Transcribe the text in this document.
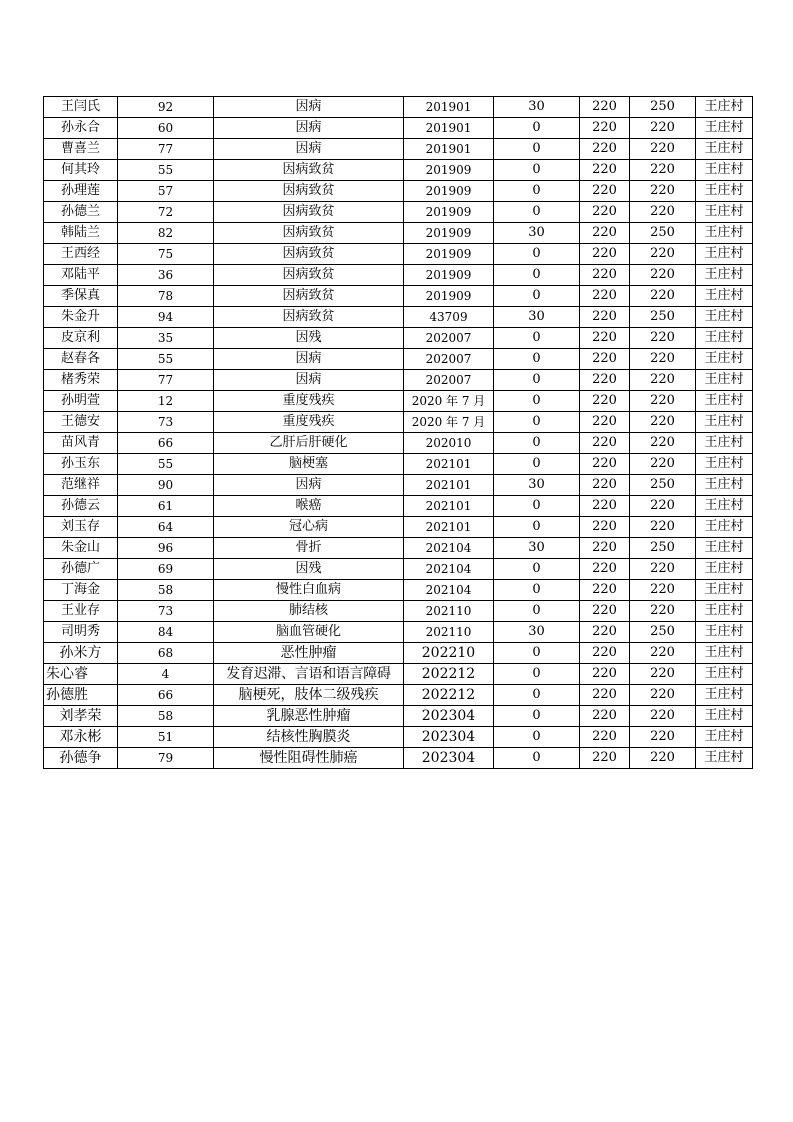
王闫氏	92	因病	201901	30	220	250	王庄村
孙永合	60	因病	201901	0	220	220	王庄村
曹喜兰	77	因病	201901	0	220	220	王庄村
何其玲	55	因病致贫	201909	0	220	220	王庄村
孙理莲	57	因病致贫	201909	0	220	220	王庄村
孙德兰	72	因病致贫	201909	0	220	220	王庄村
韩陆兰	82	因病致贫	201909	30	220	250	王庄村
王西经	75	因病致贫	201909	0	220	220	王庄村
邓陆平	36	因病致贫	201909	0	220	220	王庄村
季保真	78	因病致贫	201909	0	220	220	王庄村
朱金升	94	因病致贫	43709	30	220	250	王庄村
皮京利	35	因残	202007	0	220	220	王庄村
赵春各	55	因病	202007	0	220	220	王庄村
楮秀荣	77	因病	202007	0	220	220	王庄村
孙明萱	12	重度残疾	2020 年 7 月	0	220	220	王庄村
王德安	73	重度残疾	2020 年 7 月	0	220	220	王庄村
苗风青	66	乙肝后肝硬化	202010	0	220	220	王庄村
孙玉东	55	脑梗塞	202101	0	220	220	王庄村
范继祥	90	因病	202101	30	220	250	王庄村
孙德云	61	喉癌	202101	0	220	220	王庄村
刘玉存	64	冠心病	202101	0	220	220	王庄村
朱金山	96	骨折	202104	30	220	250	王庄村
孙德广	69	因残	202104	0	220	220	王庄村
丁海金	58	慢性白血病	202104	0	220	220	王庄村
王业存	73	肺结核	202110	0	220	220	王庄村
司明秀	84	脑血管硬化	202110	30	220	250	王庄村
孙米方	68	恶性肿瘤	202210	0	220	220	王庄村
朱心睿	4	发育迟滞、言语和语言障碍	202212	0	220	220	王庄村
孙德胜	66	脑梗死，肢体二级残疾	202212	0	220	220	王庄村
刘孝荣	58	乳腺恶性肿瘤	202304	0	220	220	王庄村
邓永彬	51	结核性胸膜炎	202304	0	220	220	王庄村
孙德争	79	慢性阻碍性肺癌	202304	0	220	220	王庄村
